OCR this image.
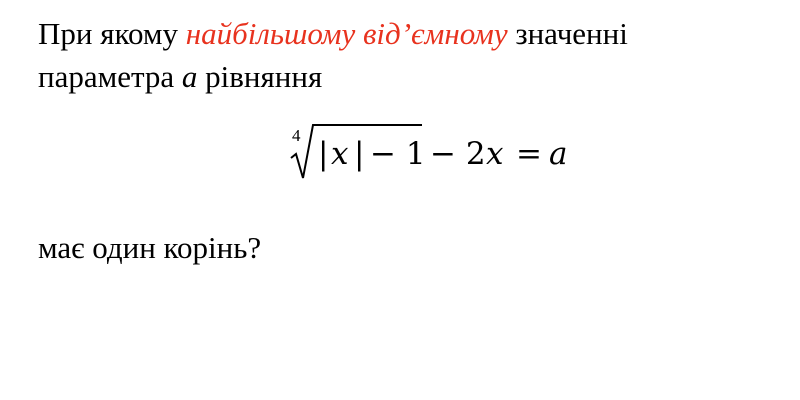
При якому найбільшому від’ємному значенні
параметра a рівняння
4
| x | − 1 − 2 x = a
має один корінь?
